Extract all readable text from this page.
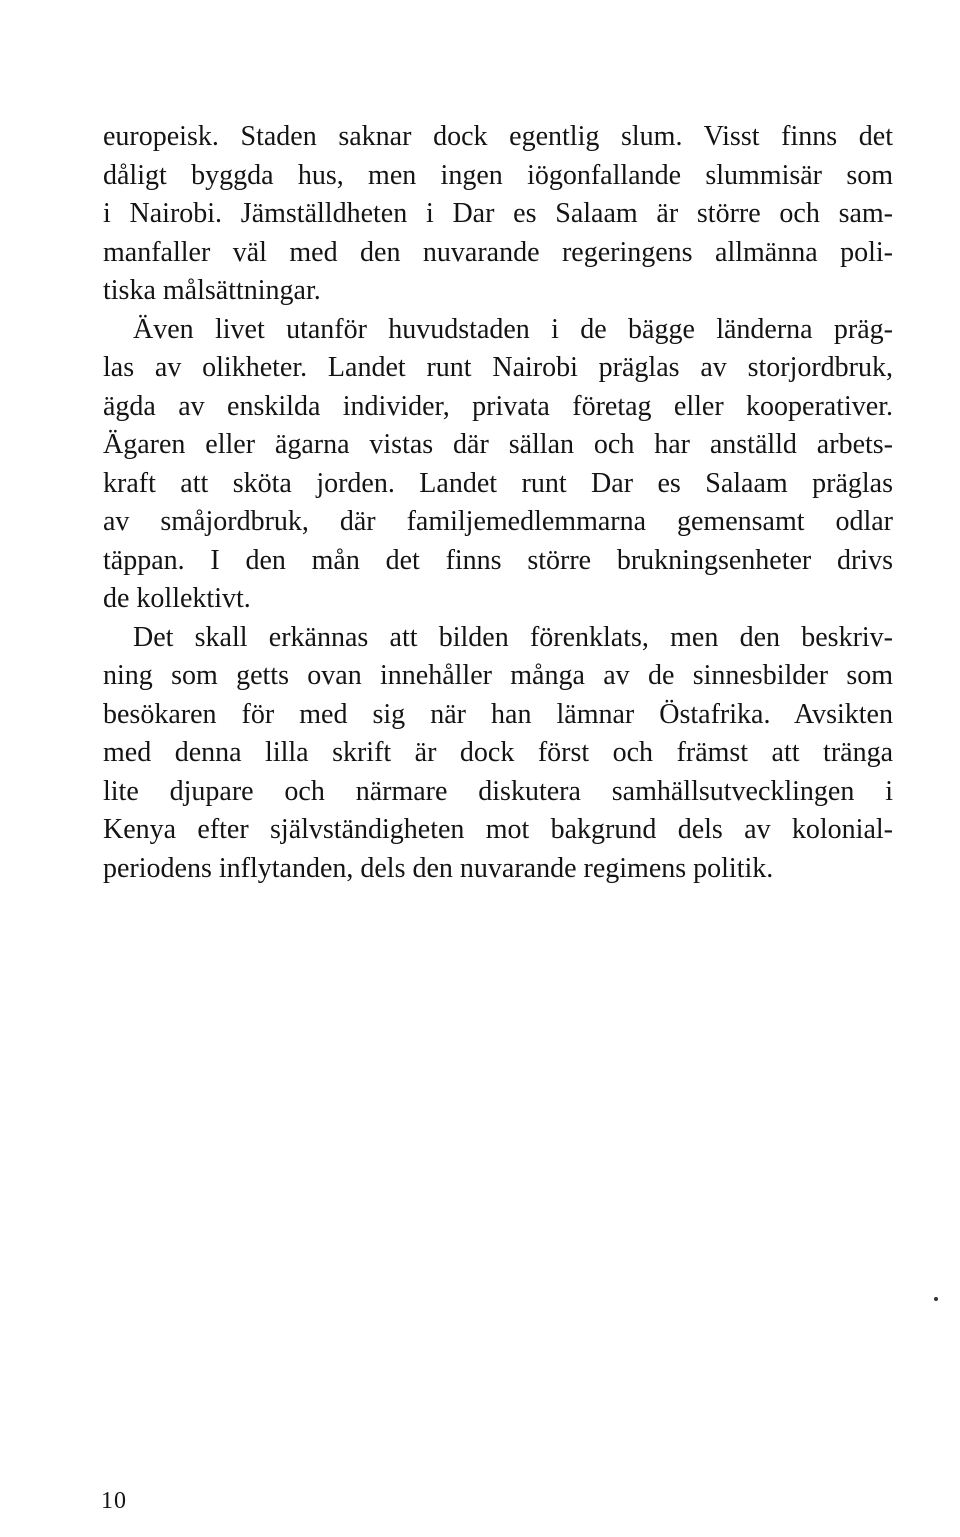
europeisk. Staden saknar dock egentlig slum. Visst finns det
dåligt byggda hus, men ingen iögonfallande slummisär som
i Nairobi. Jämställdheten i Dar es Salaam är större och sam-
manfaller väl med den nuvarande regeringens allmänna poli-
tiska målsättningar.
Även livet utanför huvudstaden i de bägge länderna präg-
las av olikheter. Landet runt Nairobi präglas av storjordbruk,
ägda av enskilda individer, privata företag eller kooperativer.
Ägaren eller ägarna vistas där sällan och har anställd arbets-
kraft att sköta jorden. Landet runt Dar es Salaam präglas
av småjordbruk, där familjemedlemmarna gemensamt odlar
täppan. I den mån det finns större brukningsenheter drivs
de kollektivt.
Det skall erkännas att bilden förenklats, men den beskriv-
ning som getts ovan innehåller många av de sinnesbilder som
besökaren för med sig när han lämnar Östafrika. Avsikten
med denna lilla skrift är dock först och främst att tränga
lite djupare och närmare diskutera samhällsutvecklingen i
Kenya efter självständigheten mot bakgrund dels av kolonial-
periodens inflytanden, dels den nuvarande regimens politik.
10
